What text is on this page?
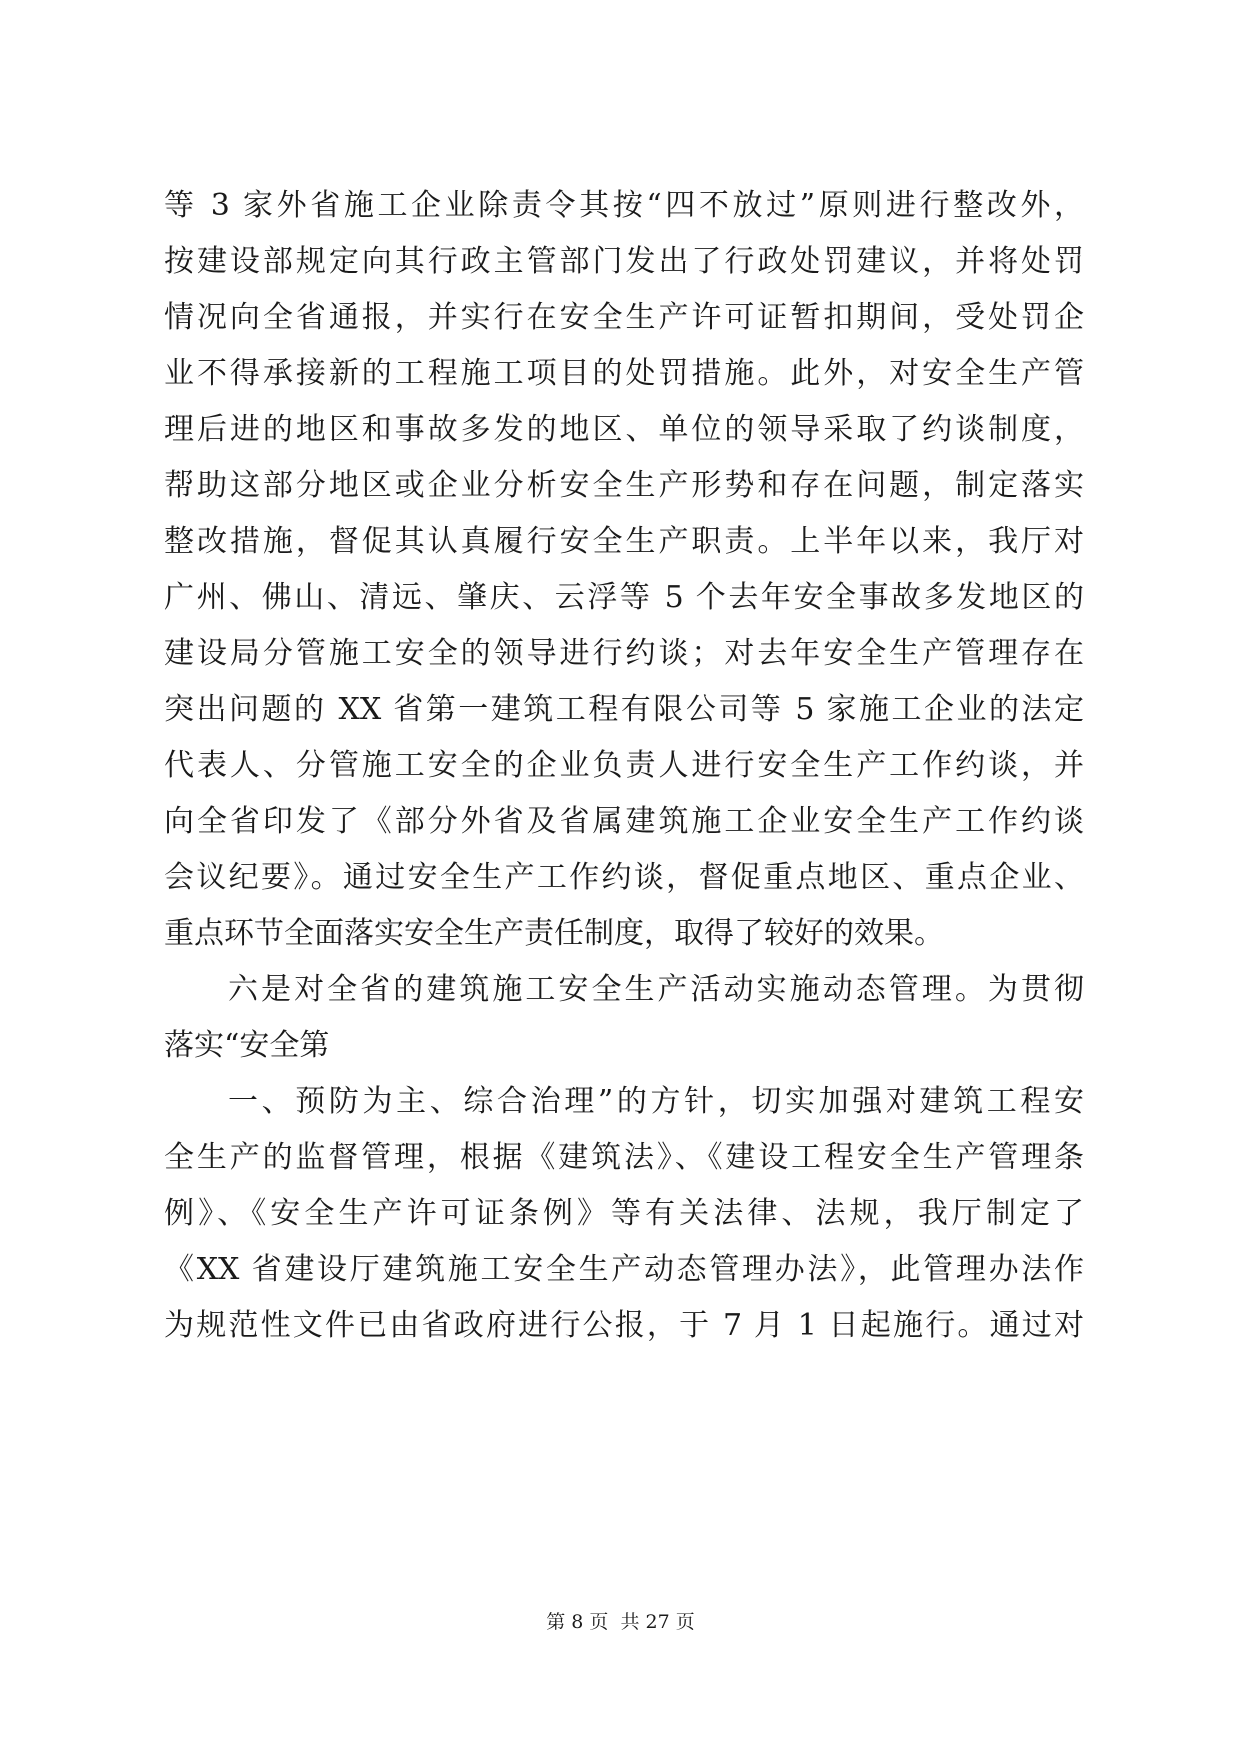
等 3 家外省施工企业除责令其按“四不放过”原则进行整改外，
按建设部规定向其行政主管部门发出了行政处罚建议，并将处罚
情况向全省通报，并实行在安全生产许可证暂扣期间，受处罚企
业不得承接新的工程施工项目的处罚措施。此外，对安全生产管
理后进的地区和事故多发的地区、单位的领导采取了约谈制度，
帮助这部分地区或企业分析安全生产形势和存在问题，制定落实
整改措施，督促其认真履行安全生产职责。上半年以来，我厅对
广州、佛山、清远、肇庆、云浮等 5 个去年安全事故多发地区的
建设局分管施工安全的领导进行约谈；对去年安全生产管理存在
突出问题的 XX 省第一建筑工程有限公司等 5 家施工企业的法定
代表人、分管施工安全的企业负责人进行安全生产工作约谈，并
向全省印发了《部分外省及省属建筑施工企业安全生产工作约谈
会议纪要》。通过安全生产工作约谈，督促重点地区、重点企业、
重点环节全面落实安全生产责任制度，取得了较好的效果。
六是对全省的建筑施工安全生产活动实施动态管理。为贯彻
落实“安全第
一、预防为主、综合治理”的方针，切实加强对建筑工程安
全生产的监督管理，根据《建筑法》、《建设工程安全生产管理条
例》、《安全生产许可证条例》等有关法律、法规，我厅制定了
《XX 省建设厅建筑施工安全生产动态管理办法》，此管理办法作
为规范性文件已由省政府进行公报，于 7 月 1 日起施行。通过对
第 8 页  共 27 页
